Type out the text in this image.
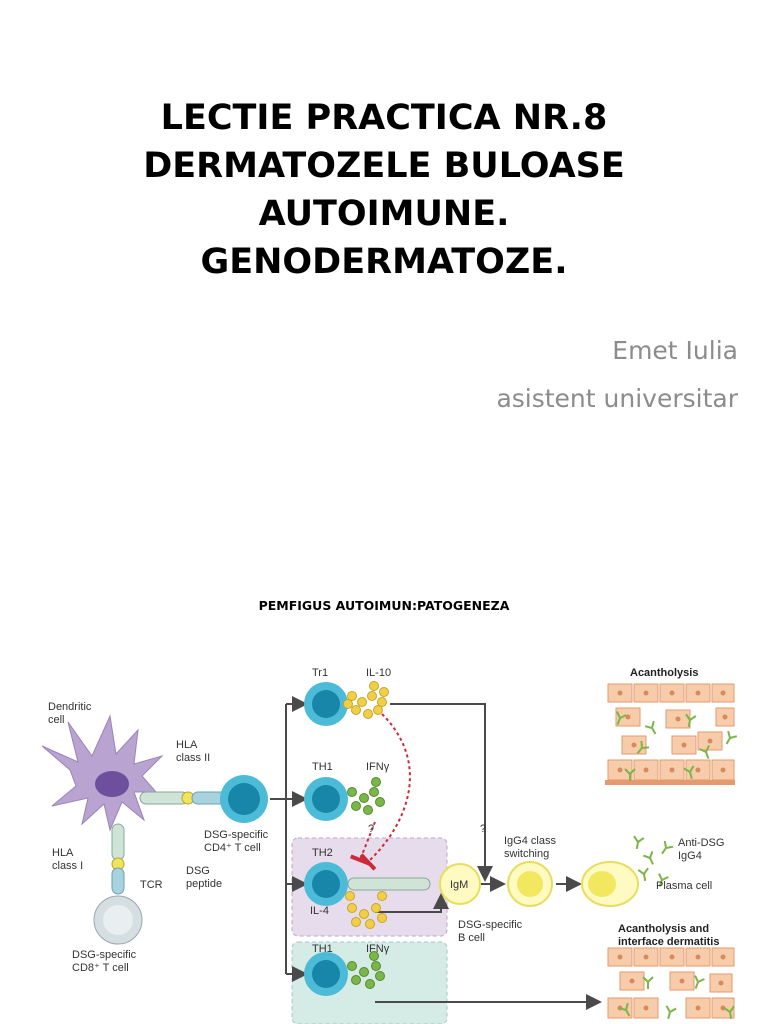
LECTIE PRACTICA NR.8
DERMATOZELE BULOASE
AUTOIMUNE.
GENODERMATOZE.
Emet Iulia
asistent universitar
PEMFIGUS AUTOIMUN:PATOGENEZA
Dendritic cell
HLA class II
DSG-specific CD4⁺ T cell
DSG peptide
HLA class I
TCR
DSG-specific CD8⁺ T cell
Tr1	IL-10
TH1	IFNγ
?	?
TH2
IL-4
IgM
DSG-specific B cell
IgG4 class switching
TH1	IFNγ
Anti-DSG IgG4
Plasma cell
Acantholysis
Acantholysis and interface dermatitis
